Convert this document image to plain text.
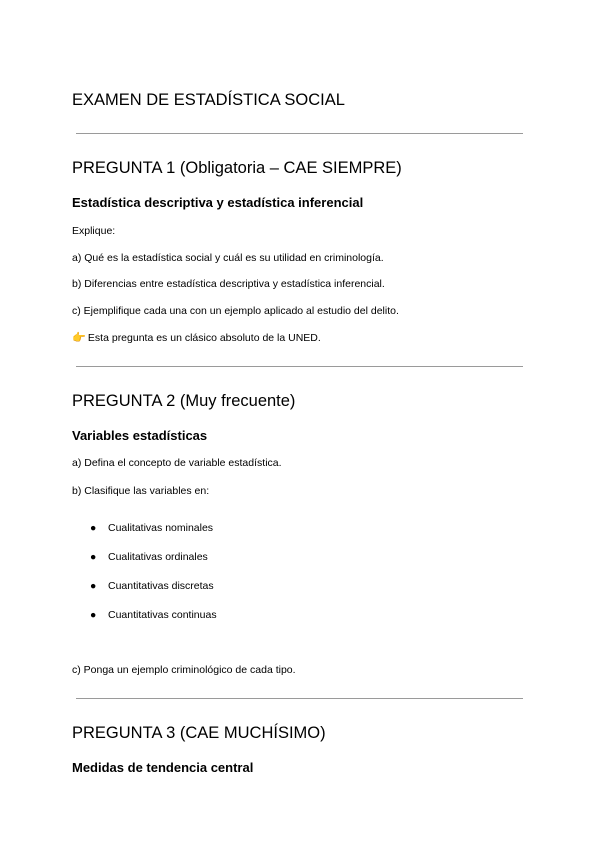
EXAMEN DE ESTADÍSTICA SOCIAL
PREGUNTA 1 (Obligatoria – CAE SIEMPRE)
Estadística descriptiva y estadística inferencial
Explique:
a) Qué es la estadística social y cuál es su utilidad en criminología.
b) Diferencias entre estadística descriptiva y estadística inferencial.
c) Ejemplifique cada una con un ejemplo aplicado al estudio del delito.
👉 Esta pregunta es un clásico absoluto de la UNED.
PREGUNTA 2 (Muy frecuente)
Variables estadísticas
a) Defina el concepto de variable estadística.
b) Clasifique las variables en:
● Cualitativas nominales
● Cualitativas ordinales
● Cuantitativas discretas
● Cuantitativas continuas
c) Ponga un ejemplo criminológico de cada tipo.
PREGUNTA 3 (CAE MUCHÍSIMO)
Medidas de tendencia central
